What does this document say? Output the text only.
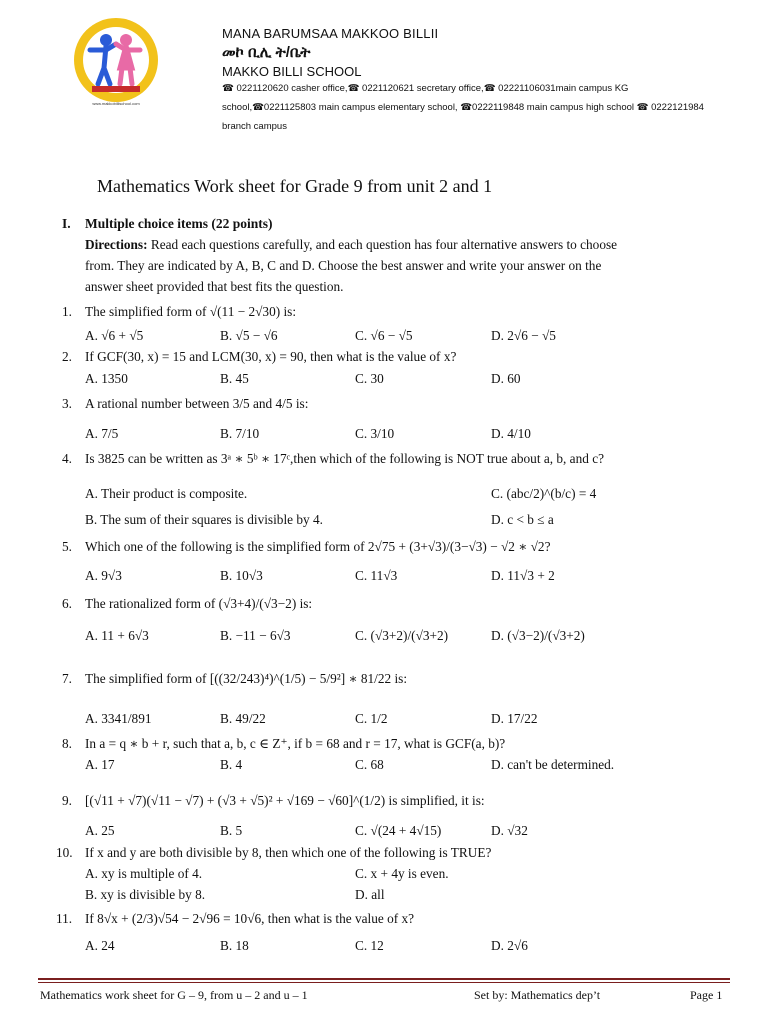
www.makkobillischool.com
MANA BARUMSAA MAKKOO BILLII
መኮ ቢሊ ት/ቤት
MAKKO BILLI SCHOOL
☎ 0221120620 casher office,☎ 0221120621 secretary office,☎ 02221106031main campus KG
school,☎0221125803 main campus elementary school, ☎0222119848 main campus high school ☎ 0222121984
branch campus
Mathematics Work sheet for Grade 9 from unit 2 and 1
I. Multiple choice items (22 points)
Directions: Read each questions carefully, and each question has four alternative answers to choose
from. They are indicated by A, B, C and D. Choose the best answer and write your answer on the
answer sheet provided that best fits the question.
1. The simplified form of √(11 − 2√30) is:
A. √6 + √5	B. √5 − √6	C. √6 − √5	D. 2√6 − √5
2. If GCF(30, x) = 15 and LCM(30, x) = 90, then what is the value of x?
A. 1350	B. 45	C. 30	D. 60
3. A rational number between 3/5 and 4/5 is:
A. 7/5	B. 7/10	C. 3/10	D. 4/10
4. Is 3825 can be written as 3ᵃ ∗ 5ᵇ ∗ 17ᶜ,then which of the following is NOT true about a, b, and c?
A. Their product is composite.	C. (abc/2)^(b/c) = 4
B. The sum of their squares is divisible by 4.	D. c < b ≤ a
5. Which one of the following is the simplified form of 2√75 + (3+√3)/(3−√3) − √2 ∗ √2?
A. 9√3	B. 10√3	C. 11√3	D. 11√3 + 2
6. The rationalized form of (√3+4)/(√3−2) is:
A. 11 + 6√3	B. −11 − 6√3	C. (√3+2)/(√3+2)	D. (√3−2)/(√3+2)
7. The simplified form of [((32/243)⁴)^(1/5) − 5/9²] ∗ 81/22 is:
A. 3341/891	B. 49/22	C. 1/2	D. 17/22
8. In a = q ∗ b + r, such that a, b, c ∈ Z⁺, if b = 68 and r = 17, what is GCF(a, b)?
A. 17	B. 4	C. 68	D. can't be determined.
9. [(√11 + √7)(√11 − √7) + (√3 + √5)² + √169 − √60]^(1/2) is simplified, it is:
A. 25	B. 5	C. √(24 + 4√15)	D. √32
10. If x and y are both divisible by 8, then which one of the following is TRUE?
A. xy is multiple of 4.	C. x + 4y is even.
B. xy is divisible by 8.	D. all
11. If 8√x + (2/3)√54 − 2√96 = 10√6, then what is the value of x?
A. 24	B. 18	C. 12	D. 2√6
Mathematics work sheet for G – 9, from u – 2 and u – 1	Set by: Mathematics dep’t	Page 1
